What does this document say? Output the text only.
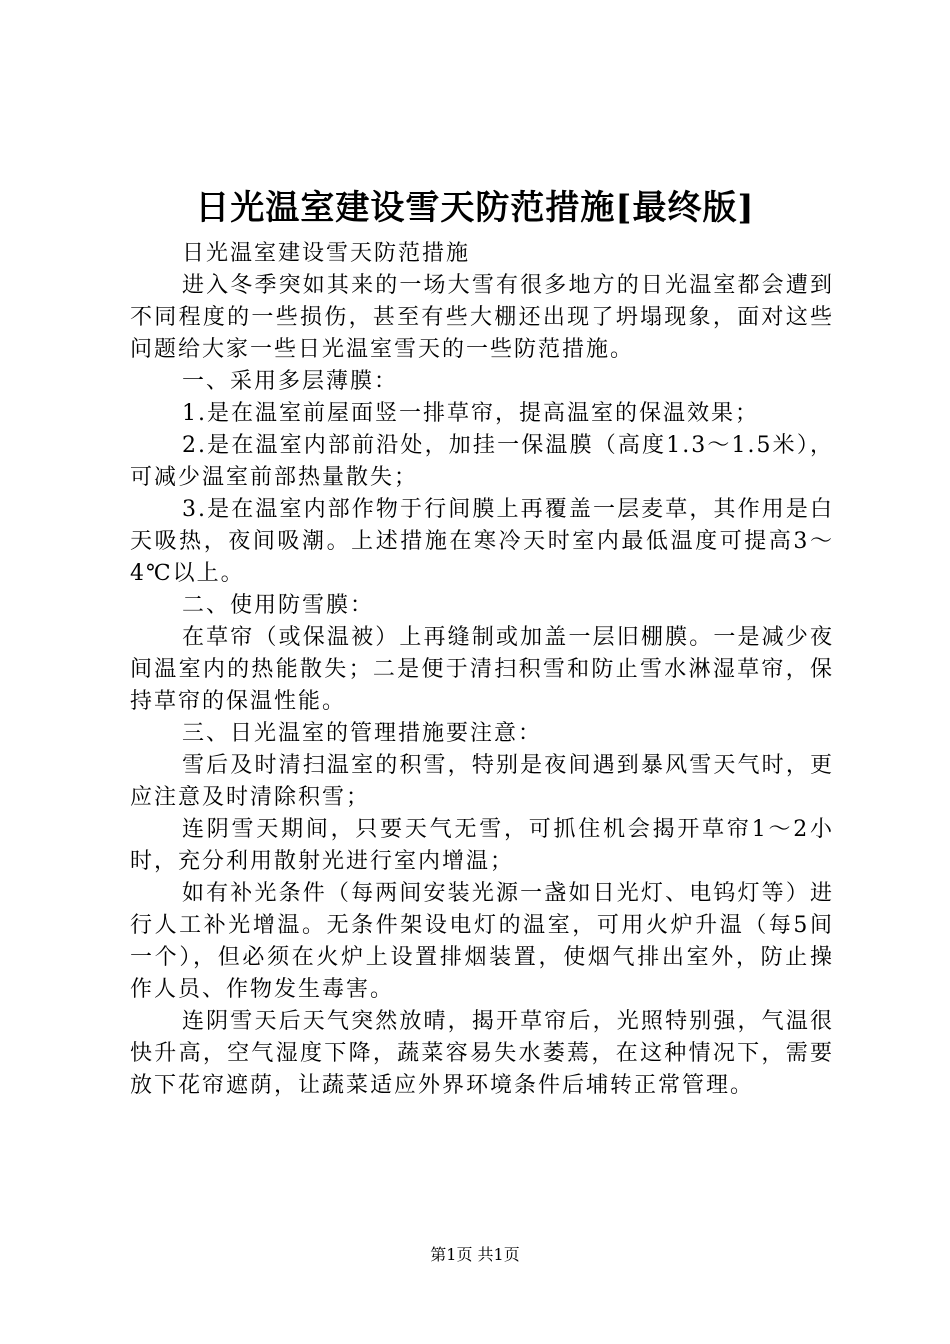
日光温室建设雪天防范措施[最终版]

日光温室建设雪天防范措施

进入冬季突如其来的一场大雪有很多地方的日光温室都会遭到不同程度的一些损伤，甚至有些大棚还出现了坍塌现象，面对这些问题给大家一些日光温室雪天的一些防范措施。

一、采用多层薄膜：

1.是在温室前屋面竖一排草帘，提高温室的保温效果；

2.是在温室内部前沿处，加挂一保温膜（高度1.3～1.5米），可减少温室前部热量散失；

3.是在温室内部作物于行间膜上再覆盖一层麦草，其作用是白天吸热，夜间吸潮。上述措施在寒冷天时室内最低温度可提高3～4℃以上。

二、使用防雪膜：

在草帘（或保温被）上再缝制或加盖一层旧棚膜。一是减少夜间温室内的热能散失；二是便于清扫积雪和防止雪水淋湿草帘，保持草帘的保温性能。

三、日光温室的管理措施要注意：

雪后及时清扫温室的积雪，特别是夜间遇到暴风雪天气时，更应注意及时清除积雪；

连阴雪天期间，只要天气无雪，可抓住机会揭开草帘1～2小时，充分利用散射光进行室内增温；

如有补光条件（每两间安装光源一盏如日光灯、电钨灯等）进行人工补光增温。无条件架设电灯的温室，可用火炉升温（每5间一个），但必须在火炉上设置排烟装置，使烟气排出室外，防止操作人员、作物发生毒害。

连阴雪天后天气突然放晴，揭开草帘后，光照特别强，气温很快升高，空气湿度下降，蔬菜容易失水萎蔫，在这种情况下，需要放下花帘遮荫，让蔬菜适应外界环境条件后埔转正常管理。

第1页 共1页
